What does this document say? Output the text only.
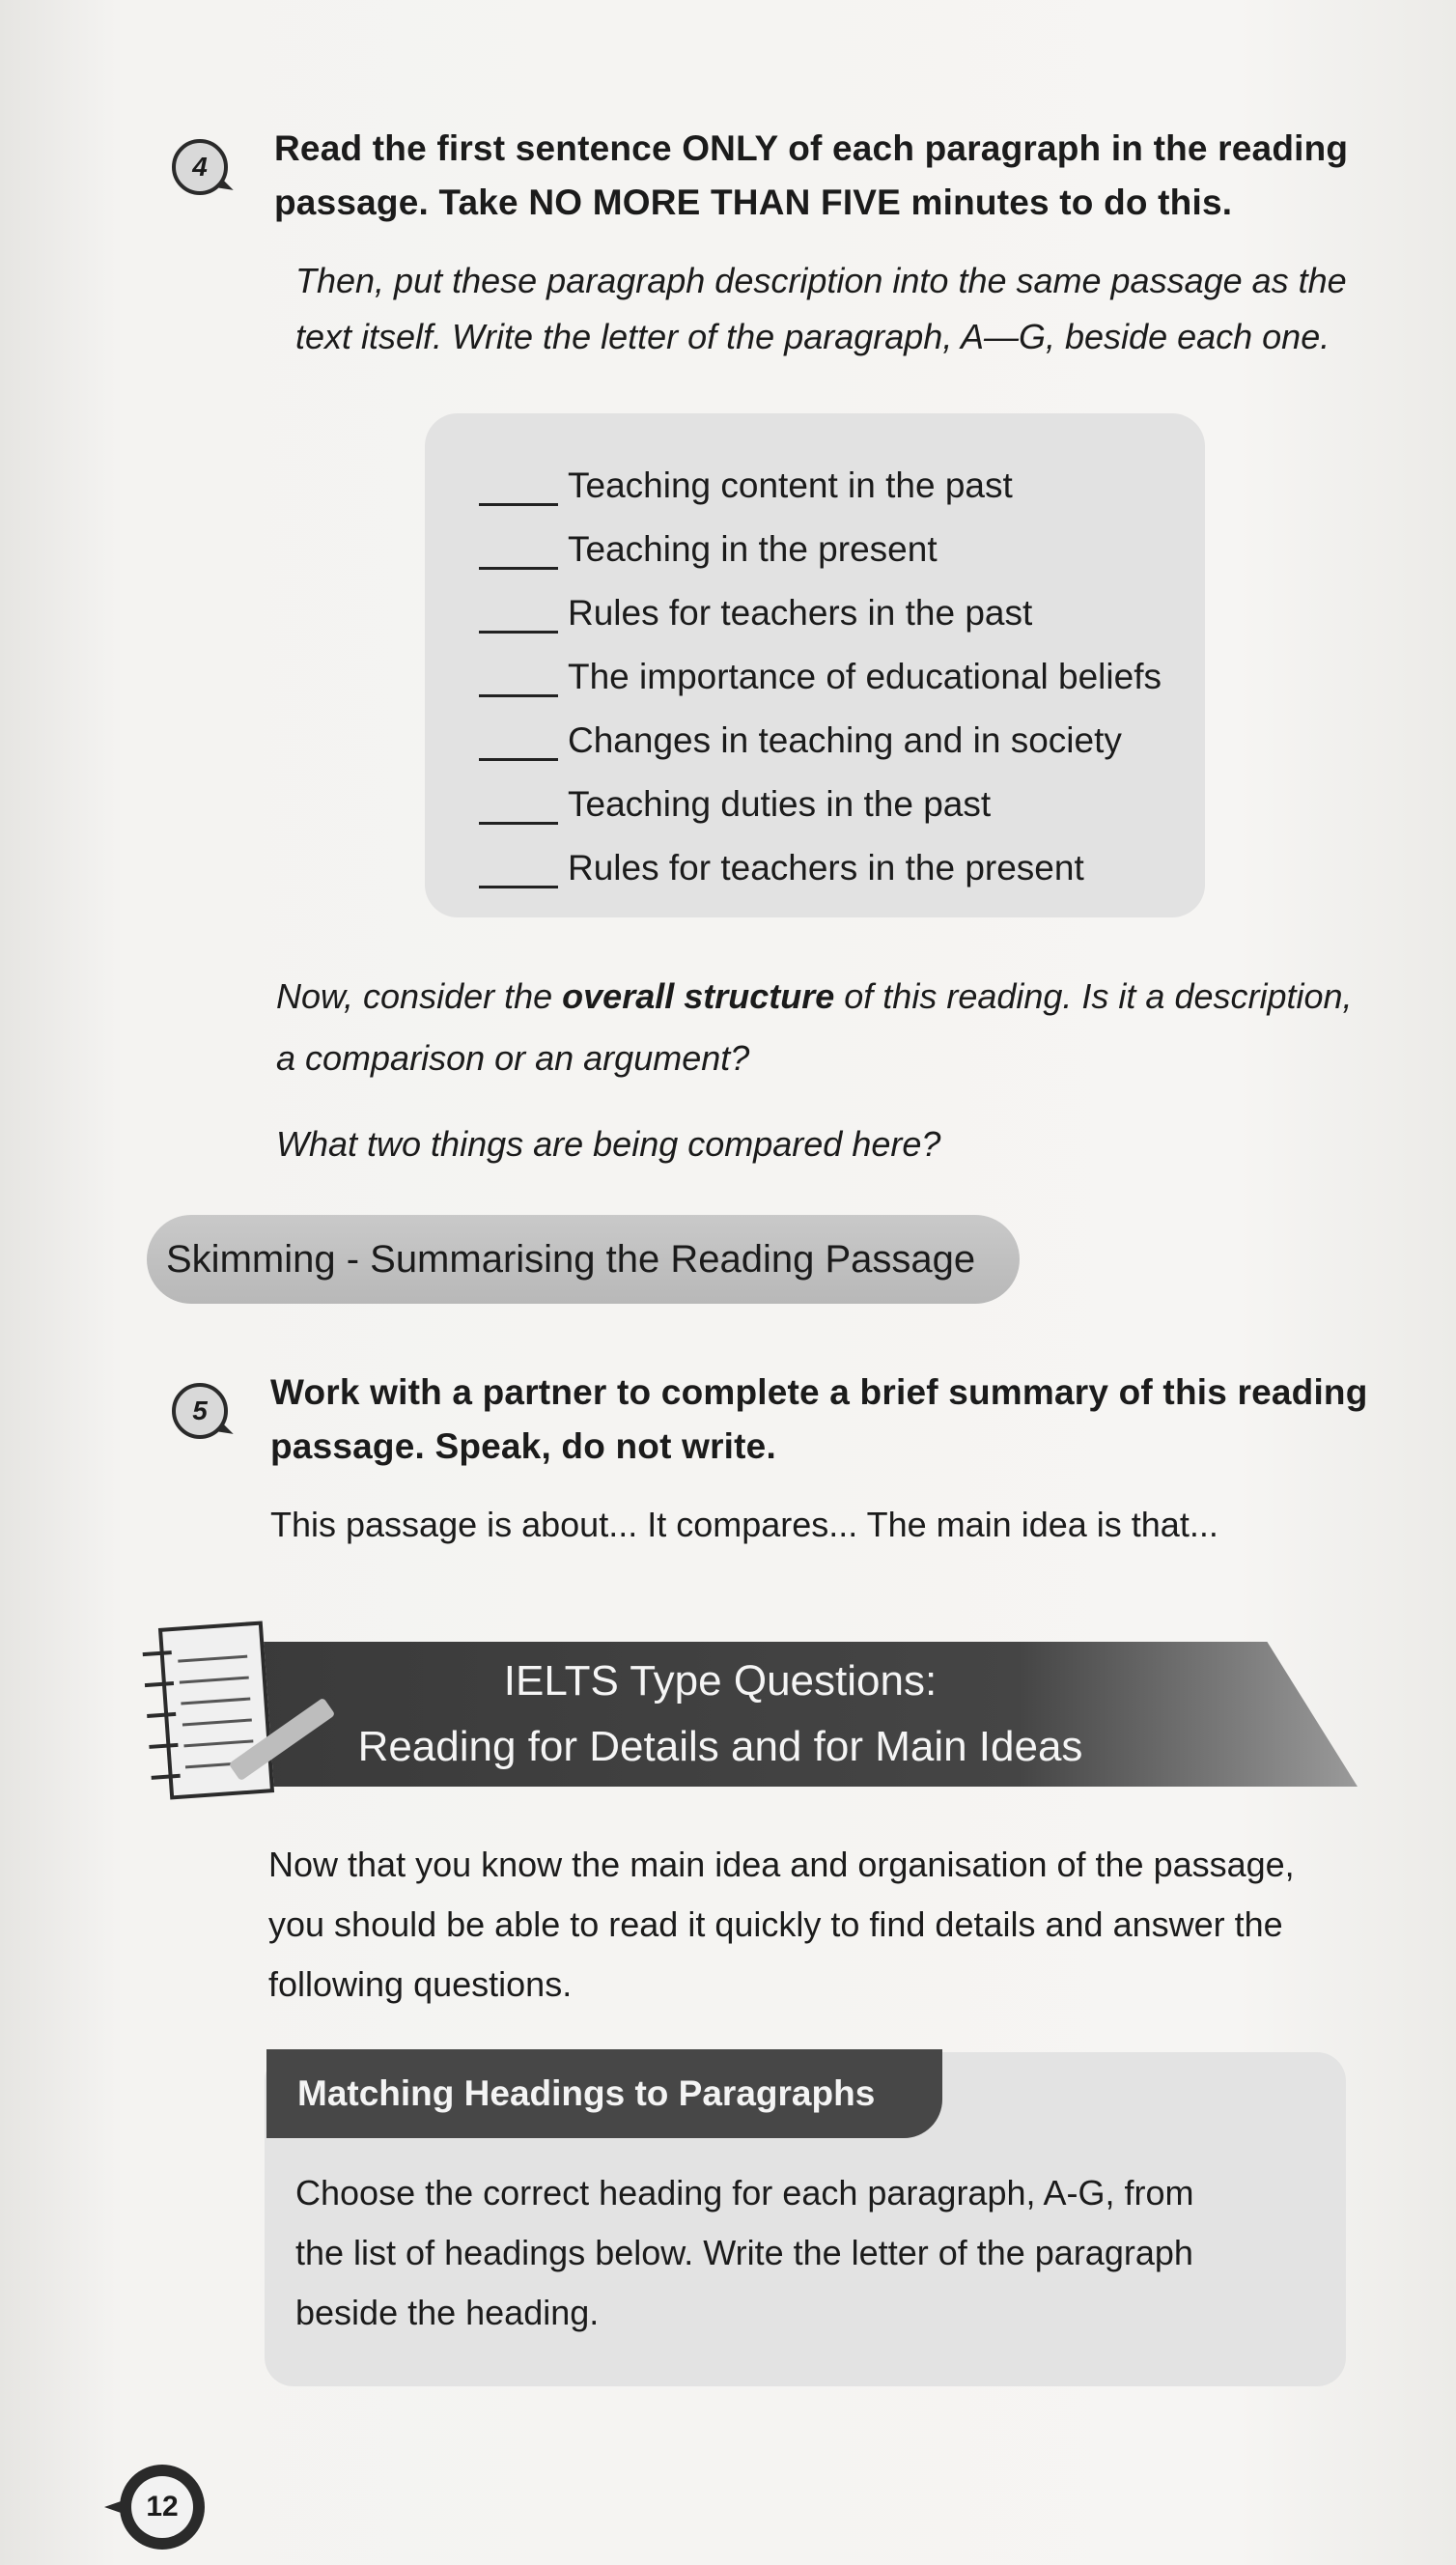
4	Read the first sentence ONLY of each paragraph in the reading
passage. Take NO MORE THAN FIVE minutes to do this.
Then, put these paragraph description into the same passage as the
text itself. Write the letter of the paragraph, A—G, beside each one.
Teaching content in the past
Teaching in the present
Rules for teachers in the past
The importance of educational beliefs
Changes in teaching and in society
Teaching duties in the past
Rules for teachers in the present
Now, consider the overall structure of this reading. Is it a description,
a comparison or an argument?
What two things are being compared here?
Skimming - Summarising the Reading Passage
5	Work with a partner to complete a brief summary of this reading
passage. Speak, do not write.
This passage is about... It compares... The main idea is that...
IELTS Type Questions:
Reading for Details and for Main Ideas
Now that you know the main idea and organisation of the passage,
you should be able to read it quickly to find details and answer the
following questions.
Matching Headings to Paragraphs
Choose the correct heading for each paragraph, A-G, from
the list of headings below. Write the letter of the paragraph
beside the heading.
12
